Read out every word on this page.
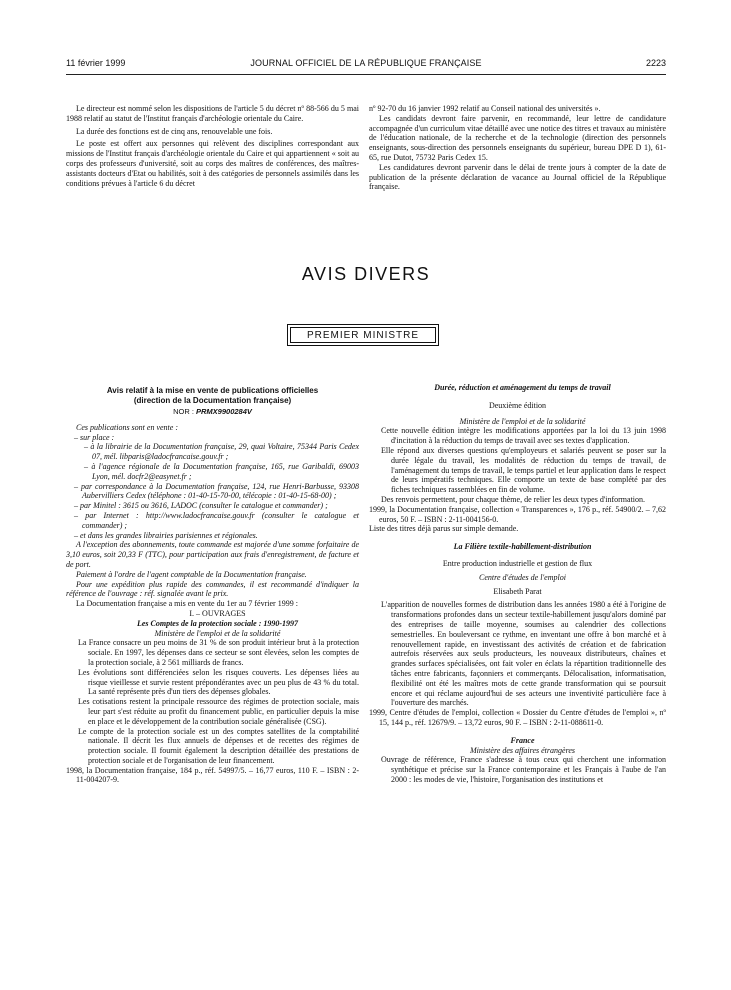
11 février 1999	JOURNAL OFFICIEL DE LA RÉPUBLIQUE FRANÇAISE	2223

Le directeur est nommé selon les dispositions de l'article 5 du décret nº 88-566 du 5 mai 1988 relatif au statut de l'Institut français d'archéologie orientale du Caire.

La durée des fonctions est de cinq ans, renouvelable une fois.

Le poste est offert aux personnes qui relèvent des disciplines correspondant aux missions de l'Institut français d'archéologie orientale du Caire et qui appartiennent « soit au corps des professeurs d'université, soit au corps des maîtres de conférences, des maîtres-assistants docteurs d'Etat ou habilités, soit à des catégories de personnels assimilés dans les conditions prévues à l'article 6 du décret

nº 92-70 du 16 janvier 1992 relatif au Conseil national des universités ».

Les candidats devront faire parvenir, en recommandé, leur lettre de candidature accompagnée d'un curriculum vitae détaillé avec une notice des titres et travaux au ministère de l'éducation nationale, de la recherche et de la technologie (direction des personnels enseignants, sous-direction des personnels enseignants du supérieur, bureau DPE D 1), 61-65, rue Dutot, 75732 Paris Cedex 15.

Les candidatures devront parvenir dans le délai de trente jours à compter de la date de publication de la présente déclaration de vacance au Journal officiel de la République française.

AVIS DIVERS
PREMIER MINISTRE
Avis relatif à la mise en vente de publications officielles
(direction de la Documentation française)
NOR : PRMX9900284V

Ces publications sont en vente :

– sur place :

– à la librairie de la Documentation française, 29, quai Voltaire, 75344 Paris Cedex 07, mél. libparis@ladocfrancaise.gouv.fr ;

– à l'agence régionale de la Documentation française, 165, rue Garibaldi, 69003 Lyon, mél. docfr2@easynet.fr ;

– par correspondance à la Documentation française, 124, rue Henri-Barbusse, 93308 Aubervilliers Cedex (téléphone : 01-40-15-70-00, télécopie : 01-40-15-68-00) ;

– par Minitel : 3615 ou 3616, LADOC (consulter le catalogue et commander) ;

– par Internet : http://www.ladocfrancaise.gouv.fr (consulter le catalogue et commander) ;

– et dans les grandes librairies parisiennes et régionales.

A l'exception des abonnements, toute commande est majorée d'une somme forfaitaire de 3,10 euros, soit 20,33 F (TTC), pour participation aux frais d'enregistrement, de facture et de port.

Paiement à l'ordre de l'agent comptable de la Documentation française.

Pour une expédition plus rapide des commandes, il est recommandé d'indiquer la référence de l'ouvrage : réf. signalée avant le prix.

La Documentation française a mis en vente du 1er au 7 février 1999 :

I. – OUVRAGES

Les Comptes de la protection sociale : 1990-1997

Ministère de l'emploi et de la solidarité

La France consacre un peu moins de 31 % de son produit intérieur brut à la protection sociale. En 1997, les dépenses dans ce secteur se sont élevées, selon les comptes de la protection sociale, à 2 561 milliards de francs.

Les évolutions sont différenciées selon les risques couverts. Les dépenses liées au risque vieillesse et survie restent prépondérantes avec un peu plus de 43 % du total. La santé représente près d'un tiers des dépenses globales.

Les cotisations restent la principale ressource des régimes de protection sociale, mais leur part s'est réduite au profit du financement public, en particulier depuis la mise en place et le développement de la contribution sociale généralisée (CSG).

Le compte de la protection sociale est un des comptes satellites de la comptabilité nationale. Il décrit les flux annuels de dépenses et de recettes des régimes de protection sociale. Il fournit également la description détaillée des prestations de protection sociale et de l'organisation de leur financement.

1998, la Documentation française, 184 p., réf. 54997/5. – 16,77 euros, 110 F. – ISBN : 2-11-004207-9.

Durée, réduction et aménagement du temps de travail

Deuxième édition

Ministère de l'emploi et de la solidarité

Cette nouvelle édition intègre les modifications apportées par la loi du 13 juin 1998 d'incitation à la réduction du temps de travail avec ses textes d'application.

Elle répond aux diverses questions qu'employeurs et salariés peuvent se poser sur la durée légale du travail, les modalités de réduction du temps de travail, de l'aménagement du temps de travail, le temps partiel et leur application dans le respect de leurs impératifs techniques. Elle comporte un texte de base complété par des fiches techniques rassemblées en fin de volume.

Des renvois permettent, pour chaque thème, de relier les deux types d'information.

1999, la Documentation française, collection « Transparences », 176 p., réf. 54900/2. – 7,62 euros, 50 F. – ISBN : 2-11-004156-0.

Liste des titres déjà parus sur simple demande.

La Filière textile-habillement-distribution

Entre production industrielle et gestion de flux

Centre d'études de l'emploi

Elisabeth Parat

L'apparition de nouvelles formes de distribution dans les années 1980 a été à l'origine de transformations profondes dans un secteur textile-habillement jusqu'alors dominé par des entreprises de taille moyenne, soumises au calendrier des collections semestrielles. En bouleversant ce rythme, en inventant une offre à bon marché et à renouvellement rapide, en investissant des activités de création et de fabrication autrefois réservées aux seuls producteurs, les nouveaux distributeurs, chaînes et grandes surfaces spécialisées, ont fait voler en éclats la répartition traditionnelle des tâches entre fabricants, façonniers et commerçants. Délocalisation, informatisation, flexibilité ont été les maîtres mots de cette grande transformation qui se poursuit encore et qui réclame aujourd'hui de ses acteurs une inventivité particulière face à l'ouverture des marchés.

1999, Centre d'études de l'emploi, collection « Dossier du Centre d'études de l'emploi », nº 15, 144 p., réf. 12679/9. – 13,72 euros, 90 F. – ISBN : 2-11-088611-0.

France

Ministère des affaires étrangères

Ouvrage de référence, France s'adresse à tous ceux qui cherchent une information synthétique et précise sur la France contemporaine et les Français à l'aube de l'an 2000 : les modes de vie, l'histoire, l'organisation des institutions et
